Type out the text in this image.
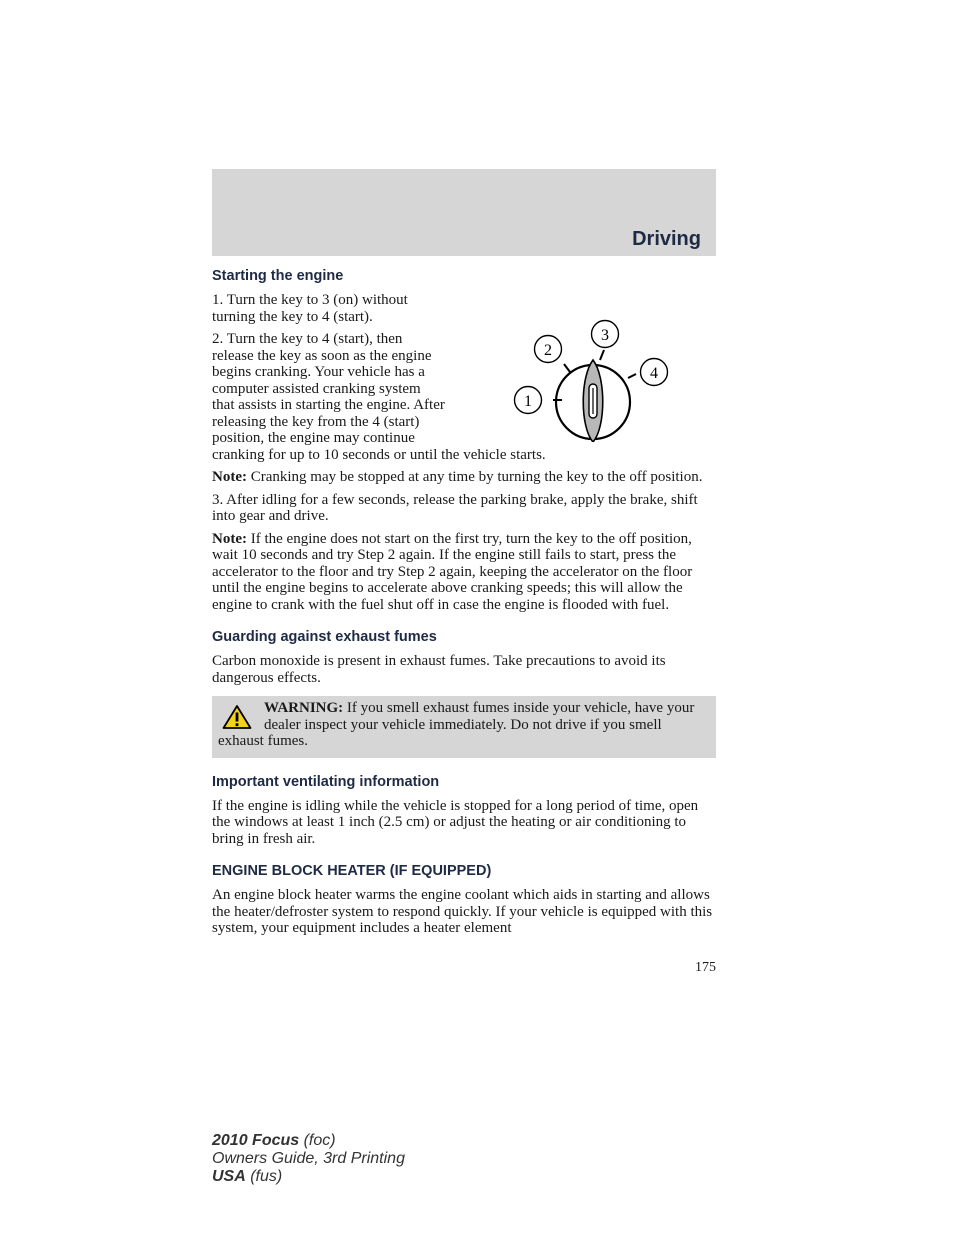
Driving
Starting the engine
1
2
3
4

1. Turn the key to 3 (on) without turning the key to 4 (start).

2. Turn the key to 4 (start), then release the key as soon as the engine begins cranking. Your vehicle has a computer assisted cranking system that assists in starting the engine. After releasing the key from the 4 (start) position, the engine may continue cranking for up to 10 seconds or until the vehicle starts.

Note: Cranking may be stopped at any time by turning the key to the off position.

3. After idling for a few seconds, release the parking brake, apply the brake, shift into gear and drive.

Note: If the engine does not start on the first try, turn the key to the off position, wait 10 seconds and try Step 2 again. If the engine still fails to start, press the accelerator to the floor and try Step 2 again, keeping the accelerator on the floor until the engine begins to accelerate above cranking speeds; this will allow the engine to crank with the fuel shut off in case the engine is flooded with fuel.

Guarding against exhaust fumes

Carbon monoxide is present in exhaust fumes. Take precautions to avoid its dangerous effects.

WARNING: If you smell exhaust fumes inside your vehicle, have your dealer inspect your vehicle immediately. Do not drive if you smell exhaust fumes.

Important ventilating information

If the engine is idling while the vehicle is stopped for a long period of time, open the windows at least 1 inch (2.5 cm) or adjust the heating or air conditioning to bring in fresh air.

ENGINE BLOCK HEATER (IF EQUIPPED)

An engine block heater warms the engine coolant which aids in starting and allows the heater/defroster system to respond quickly. If your vehicle is equipped with this system, your equipment includes a heater element

175
2010 Focus (foc)
Owners Guide, 3rd Printing
USA (fus)
